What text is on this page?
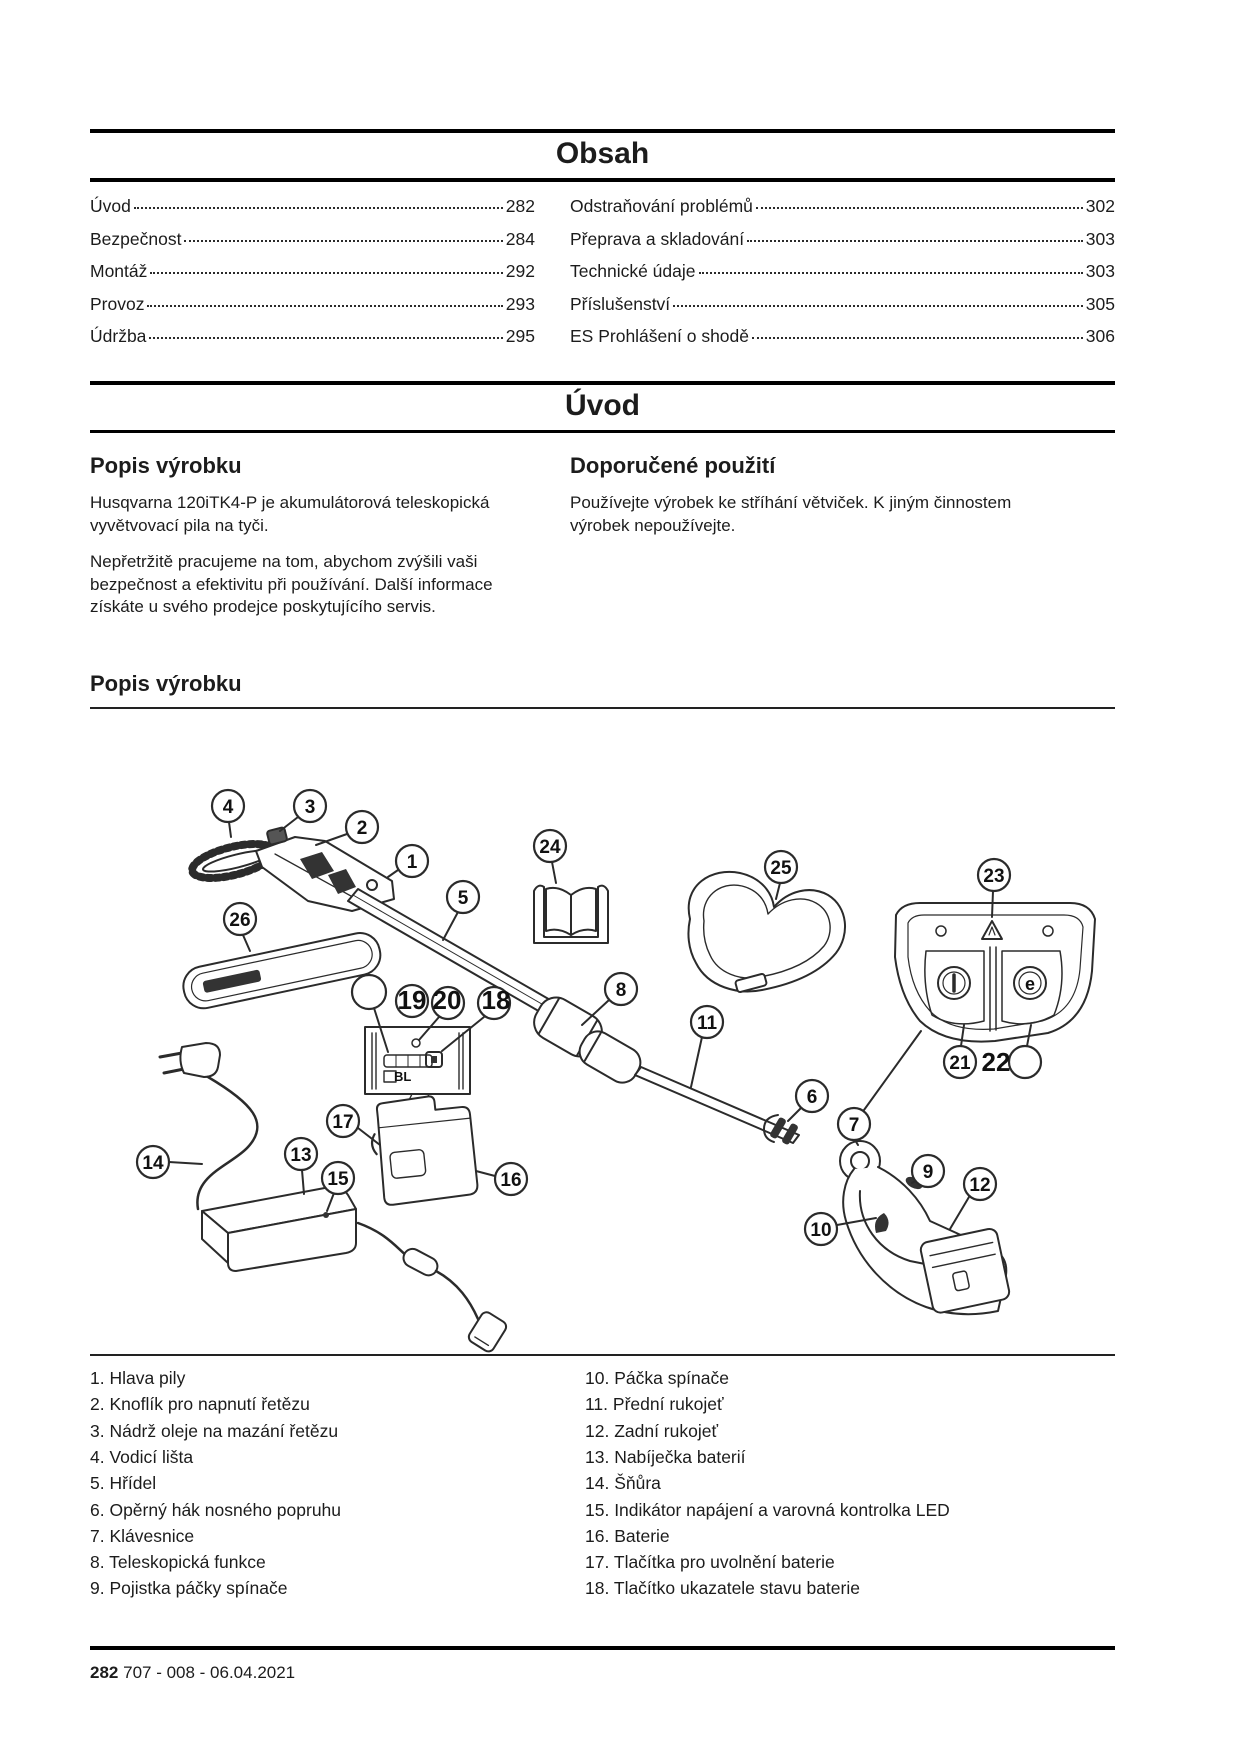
Obsah
Úvod	282
Bezpečnost	284
Montáž	292
Provoz	293
Údržba	295
Odstraňování problémů	302
Přeprava a skladování	303
Technické údaje	303
Příslušenství	305
ES Prohlášení o shodě	306
Úvod
Popis výrobku

Husqvarna 120iTK4-P je akumulátorová teleskopická vyvětvovací pila na tyči.

Nepřetržitě pracujeme na tom, abychom zvýšili vaši bezpečnost a efektivitu při používání. Další informace získáte u svého prodejce poskytujícího servis.

Doporučené použití

Používejte výrobek ke stříhání větviček. K jiným činnostem výrobek nepoužívejte.

Popis výrobku
e
BL
4	3
2
1
5
26
24
25	23
8
11
19 20 18
17
13
15
14
16
6
7
9
12
10
21 22
1. Hlava pily
2. Knoflík pro napnutí řetězu
3. Nádrž oleje na mazání řetězu
4. Vodicí lišta
5. Hřídel
6. Opěrný hák nosného popruhu
7. Klávesnice
8. Teleskopická funkce
9. Pojistka páčky spínače
10. Páčka spínače
11. Přední rukojeť
12. Zadní rukojeť
13. Nabíječka baterií
14. Šňůra
15. Indikátor napájení a varovná kontrolka LED
16. Baterie
17. Tlačítka pro uvolnění baterie
18. Tlačítko ukazatele stavu baterie
282 707 - 008 - 06.04.2021
